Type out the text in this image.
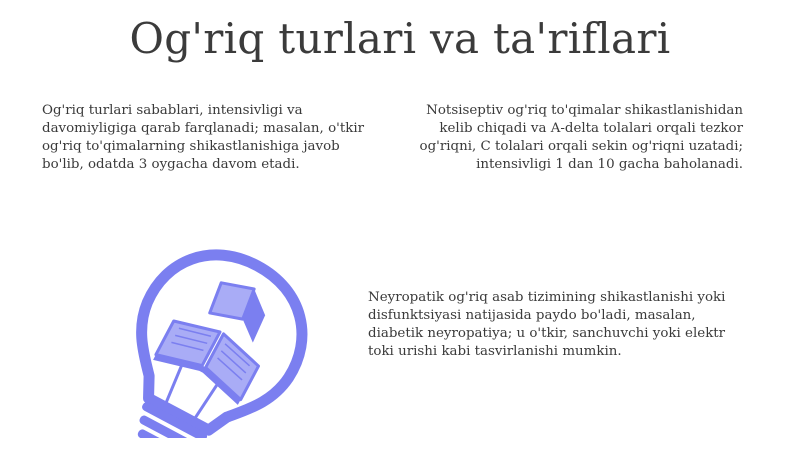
Og'riq turlari va ta'riflari

Og'riq turlari sabablari, intensivligi va davomiyligiga qarab farqlanadi; masalan, o'tkir og'riq to'qimalarning shikastlanishiga javob bo'lib, odatda 3 oygacha davom etadi.

Notsiseptiv og'riq to'qimalar shikastlanishidan kelib chiqadi va A-delta tolalari orqali tezkor og'riqni, C tolalari orqali sekin og'riqni uzatadi; intensivligi 1 dan 10 gacha baholanadi.

Neyropatik og'riq asab tizimining shikastlanishi yoki disfunktsiyasi natijasida paydo bo'ladi, masalan, diabetik neyropatiya; u o'tkir, sanchuvchi yoki elektr toki urishi kabi tasvirlanishi mumkin.
